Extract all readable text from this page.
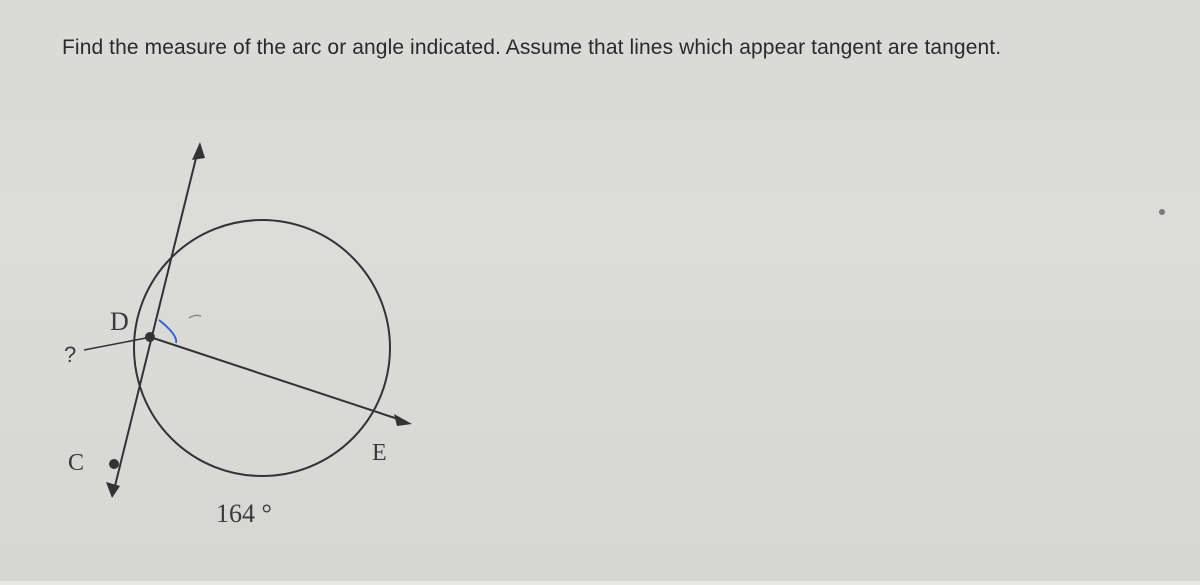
Find the measure of the arc or angle indicated. Assume that lines which appear tangent are tangent.
D
C	E
?
164 °
